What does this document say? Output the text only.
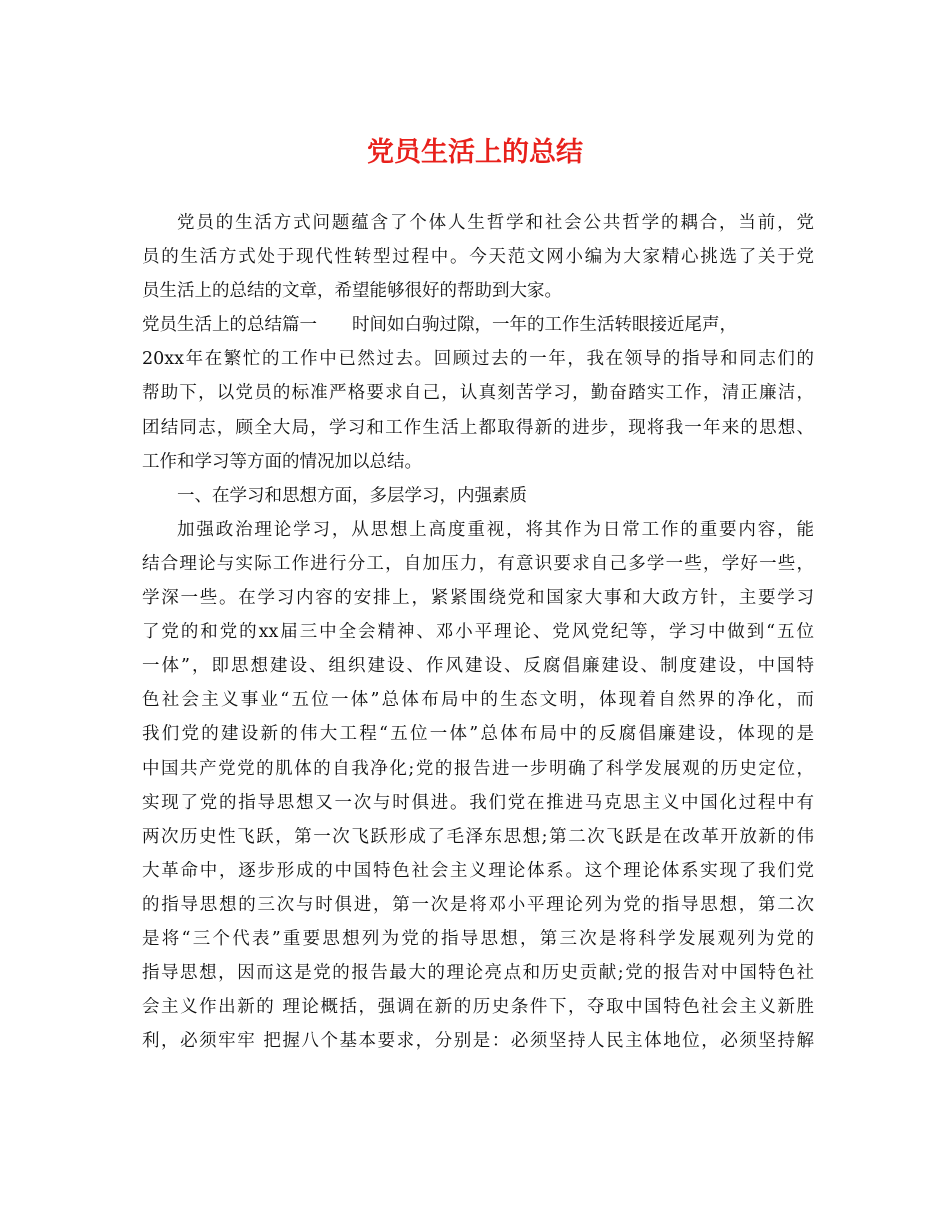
党员生活上的总结
党员的生活方式问题蕴含了个体人生哲学和社会公共哲学的耦合，当前，党
员的生活方式处于现代性转型过程中。今天范文网小编为大家精心挑选了关于党
员生活上的总结的文章，希望能够很好的帮助到大家。
党员生活上的总结篇一　　时间如白驹过隙，一年的工作生活转眼接近尾声，
20xx年在繁忙的工作中已然过去。回顾过去的一年，我在领导的指导和同志们的
帮助下，以党员的标准严格要求自己，认真刻苦学习，勤奋踏实工作，清正廉洁，
团结同志，顾全大局，学习和工作生活上都取得新的进步，现将我一年来的思想、
工作和学习等方面的情况加以总结。
一、在学习和思想方面，多层学习，内强素质
加强政治理论学习，从思想上高度重视，将其作为日常工作的重要内容，能
结合理论与实际工作进行分工，自加压力，有意识要求自己多学一些，学好一些，
学深一些。在学习内容的安排上，紧紧围绕党和国家大事和大政方针，主要学习
了党的和党的xx届三中全会精神、邓小平理论、党风党纪等，学习中做到“五位
一体”，即思想建设、组织建设、作风建设、反腐倡廉建设、制度建设，中国特
色社会主义事业“五位一体”总体布局中的生态文明，体现着自然界的净化，而
我们党的建设新的伟大工程“五位一体”总体布局中的反腐倡廉建设，体现的是
中国共产党党的肌体的自我净化;党的报告进一步明确了科学发展观的历史定位，
实现了党的指导思想又一次与时俱进。我们党在推进马克思主义中国化过程中有
两次历史性飞跃，第一次飞跃形成了毛泽东思想;第二次飞跃是在改革开放新的伟
大革命中，逐步形成的中国特色社会主义理论体系。这个理论体系实现了我们党
的指导思想的三次与时俱进，第一次是将邓小平理论列为党的指导思想，第二次
是将“三个代表”重要思想列为党的指导思想，第三次是将科学发展观列为党的
指导思想，因而这是党的报告最大的理论亮点和历史贡献;党的报告对中国特色社
会主义作出新的 理论概括，强调在新的历史条件下，夺取中国特色社会主义新胜
利，必须牢牢 把握八个基本要求，分别是：必须坚持人民主体地位，必须坚持解
